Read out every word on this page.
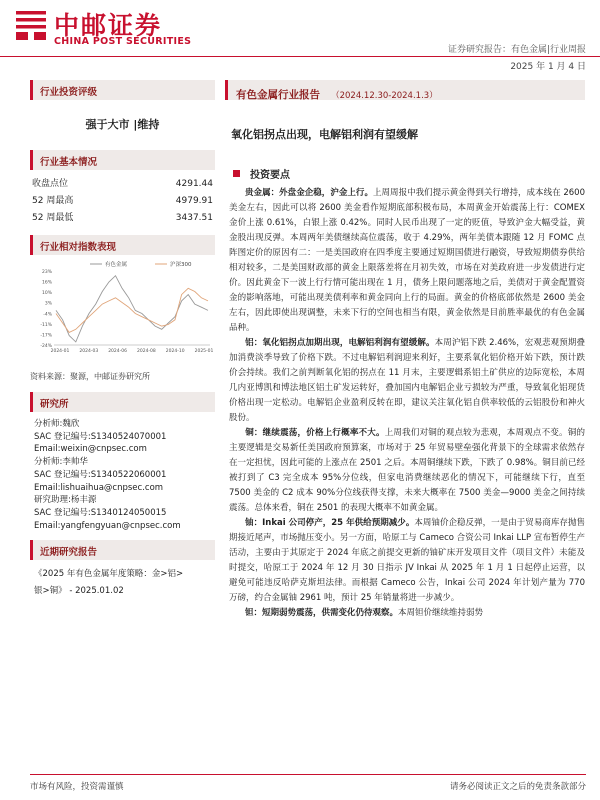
中邮证券
CHINA POST SECURITIES
证券研究报告：有色金属|行业周报
2025 年 1 月 4 日
行业投资评级
强于大市 |维持
行业基本情况
收盘点位	4291.44
52 周最高	4979.91
52 周最低	3437.51
行业相对指数表现
-24%
-17%
-11%
-4%
3%
10%
16%
23%
2024-01 2024-03 2024-06 2024-08 2024-10 2025-01
有色金属	沪深300
资料来源：聚源，中邮证券研究所
研究所
分析师:魏欣
SAC 登记编号:S1340524070001
Email:weixin@cnpsec.com
分析师:李帅华
SAC 登记编号:S1340522060001
Email:lishuaihua@cnpsec.com
研究助理:杨丰源
SAC 登记编号:S1340124050015
Email:yangfengyuan@cnpsec.com
近期研究报告
《2025 年有色金属年度策略：金>铝>
银>铜》 - 2025.01.02
有色金属行业报告 （2024.12.30-2024.1.3）
氧化铝拐点出现，电解铝利润有望缓解
投资要点

贵金属：外盘金企稳，沪金上行。上周周报中我们提示黄金得到关行增持，成本线在 2600 美金左右，因此可以将 2600 美金看作短期底部积极布局，本周黄金开始震荡上行：COMEX 金价上涨 0.61%，白银上涨 0.42%。同时人民币出现了一定的贬值，导致沪金大幅受益，黄金股出现反弹。本周两年美债继续高位震荡，收于 4.29%，两年美债本跟随 12 月 FOMC 点阵图定价的原因有二：一是美国政府在四季度主要通过短期国债进行融资，导致短期债券供给相对较多，二是美国财政部的黄金上限落差将在月初失效，市场在对美政府进一步发债进行定价。因此黄金下一波上行行情可能出现在 1 月，债务上限问题落地之后，美债对于黄金配置资金的影响落地，可能出现美债利率和黄金同向上行的局面。黄金的价格底部依然是 2600 美金左右，因此即使出现调整，未来下行的空间也相当有限，黄金依然是目前胜率最优的有色金属品种。

铝：氧化铝拐点加期出现，电解铝利润有望缓解。本周沪铝下跌 2.46%，宏观悲观预期叠加消费淡季导致了价格下跌。不过电解铝利润迎来利好，主要系氧化铝价格开始下跌，预计跌价会持续。我们之前判断氧化铝的拐点在 11 月末，主要逻辑系铝土矿供应的边际宽松，本周几内亚博凯和博法地区铝土矿发运转好，叠加国内电解铝企业亏损较为严重，导致氧化铝现货价格出现一定松动。电解铝企业盈利反转在即，建议关注氧化铝自供率较低的云铝股份和神火股份。

铜：继续震荡，价格上行概率不大。上周我们对铜的观点较为悲观，本周观点不变。铜的主要逻辑是交易新任美国政府预算案，市场对于 25 年贸易壁垒强化背景下的全球需求依然存在一定担忧，因此可能的上涨点在 2501 之后。本周铜继续下跌，下跌了 0.98%。铜目前已经被打到了 C3 完全成本 95%分位线，但家电消费继续恶化的情况下，可能继续下行，直至 7500 美金的 C2 成本 90%分位线获得支撑，未来大概率在 7500 美金—9000 美金之间持续震荡。总体来看，铜在 2501 的表现大概率不如黄金属。

铀：Inkai 公司停产，25 年供给预期减少。本周铀价企稳反弹，一是由于贸易商库存抛售期接近尾声，市场抛压变小。另一方面，哈原工与 Cameco 合资公司 Inkai LLP 宣布暂停生产活动，主要由于其原定于 2024 年底之前提交更新的铀矿床开发项目文件（项目文件）未能及时提交，哈原工于 2024 年 12 月 30 日指示 JV Inkai 从 2025 年 1 月 1 日起停止运营，以避免可能违反哈萨克斯坦法律。而根据 Cameco 公告，Inkai 公司 2024 年计划产量为 770 万磅，约合金属铀 2961 吨，预计 25 年销量将进一步减少。

钽：短期弱势震荡，供需变化仍待观察。本周钽价继续维持弱势

市场有风险，投资需谨慎	请务必阅读正文之后的免责条款部分
